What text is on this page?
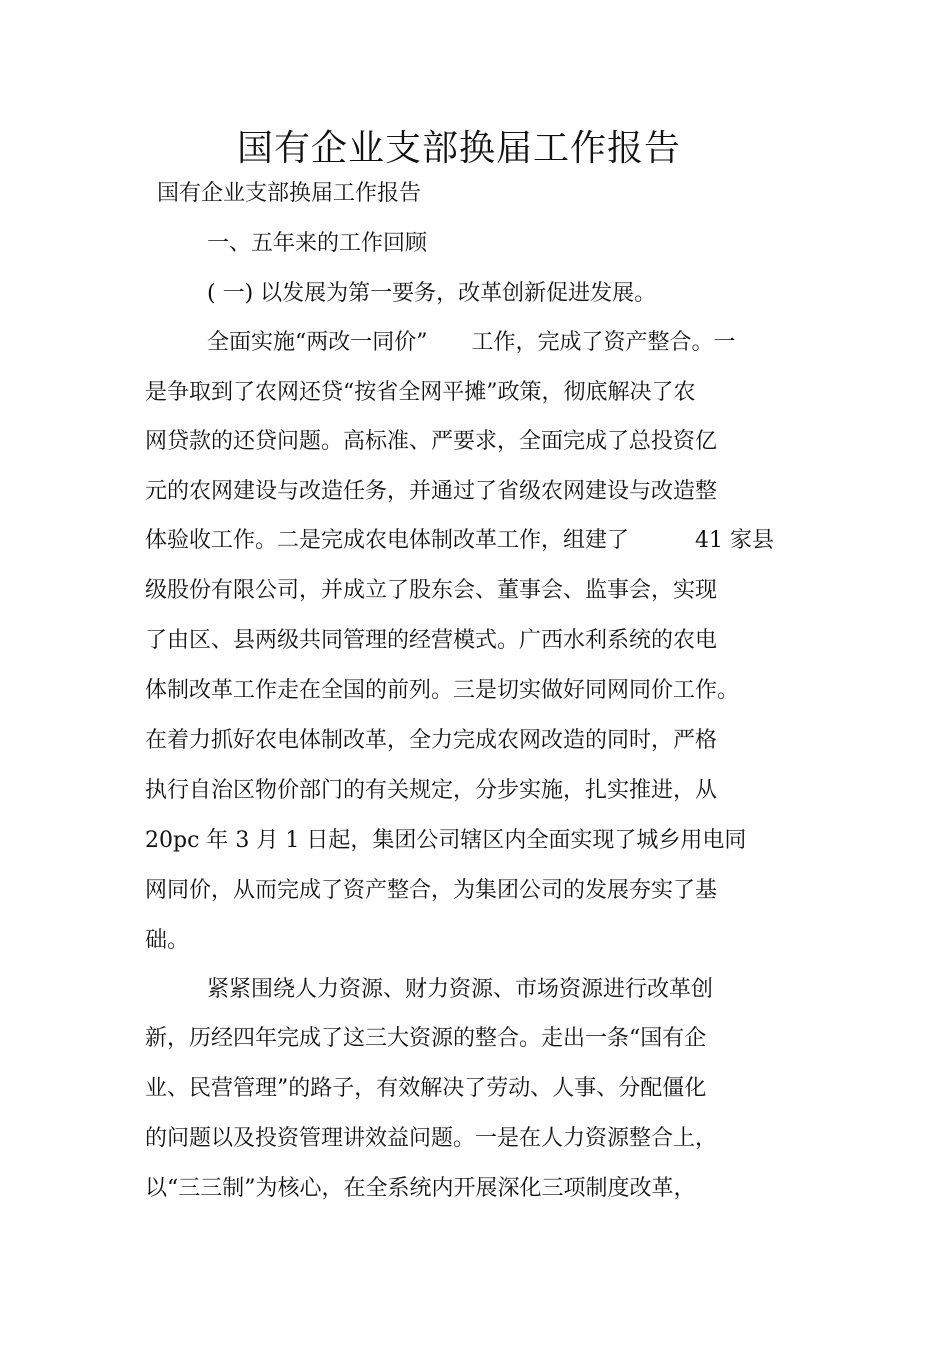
国有企业支部换届工作报告
国有企业支部换届工作报告
一、五年来的工作回顾
( 一) 以发展为第一要务，改革创新促进发展。
全面实施“两改一同价”　　工作，完成了资产整合。一
是争取到了农网还贷“按省全网平摊”政策，彻底解决了农
网贷款的还贷问题。高标准、严要求，全面完成了总投资亿
元的农网建设与改造任务，并通过了省级农网建设与改造整
体验收工作。二是完成农电体制改革工作，组建了　　　41 家县
级股份有限公司，并成立了股东会、董事会、监事会，实现
了由区、县两级共同管理的经营模式。广西水利系统的农电
体制改革工作走在全国的前列。三是切实做好同网同价工作。
在着力抓好农电体制改革，全力完成农网改造的同时，严格
执行自治区物价部门的有关规定，分步实施，扎实推进，从
20pc 年 3 月 1 日起，集团公司辖区内全面实现了城乡用电同
网同价，从而完成了资产整合，为集团公司的发展夯实了基
础。
紧紧围绕人力资源、财力资源、市场资源进行改革创
新，历经四年完成了这三大资源的整合。走出一条“国有企
业、民营管理”的路子，有效解决了劳动、人事、分配僵化
的问题以及投资管理讲效益问题。一是在人力资源整合上，
以“三三制”为核心，在全系统内开展深化三项制度改革，
